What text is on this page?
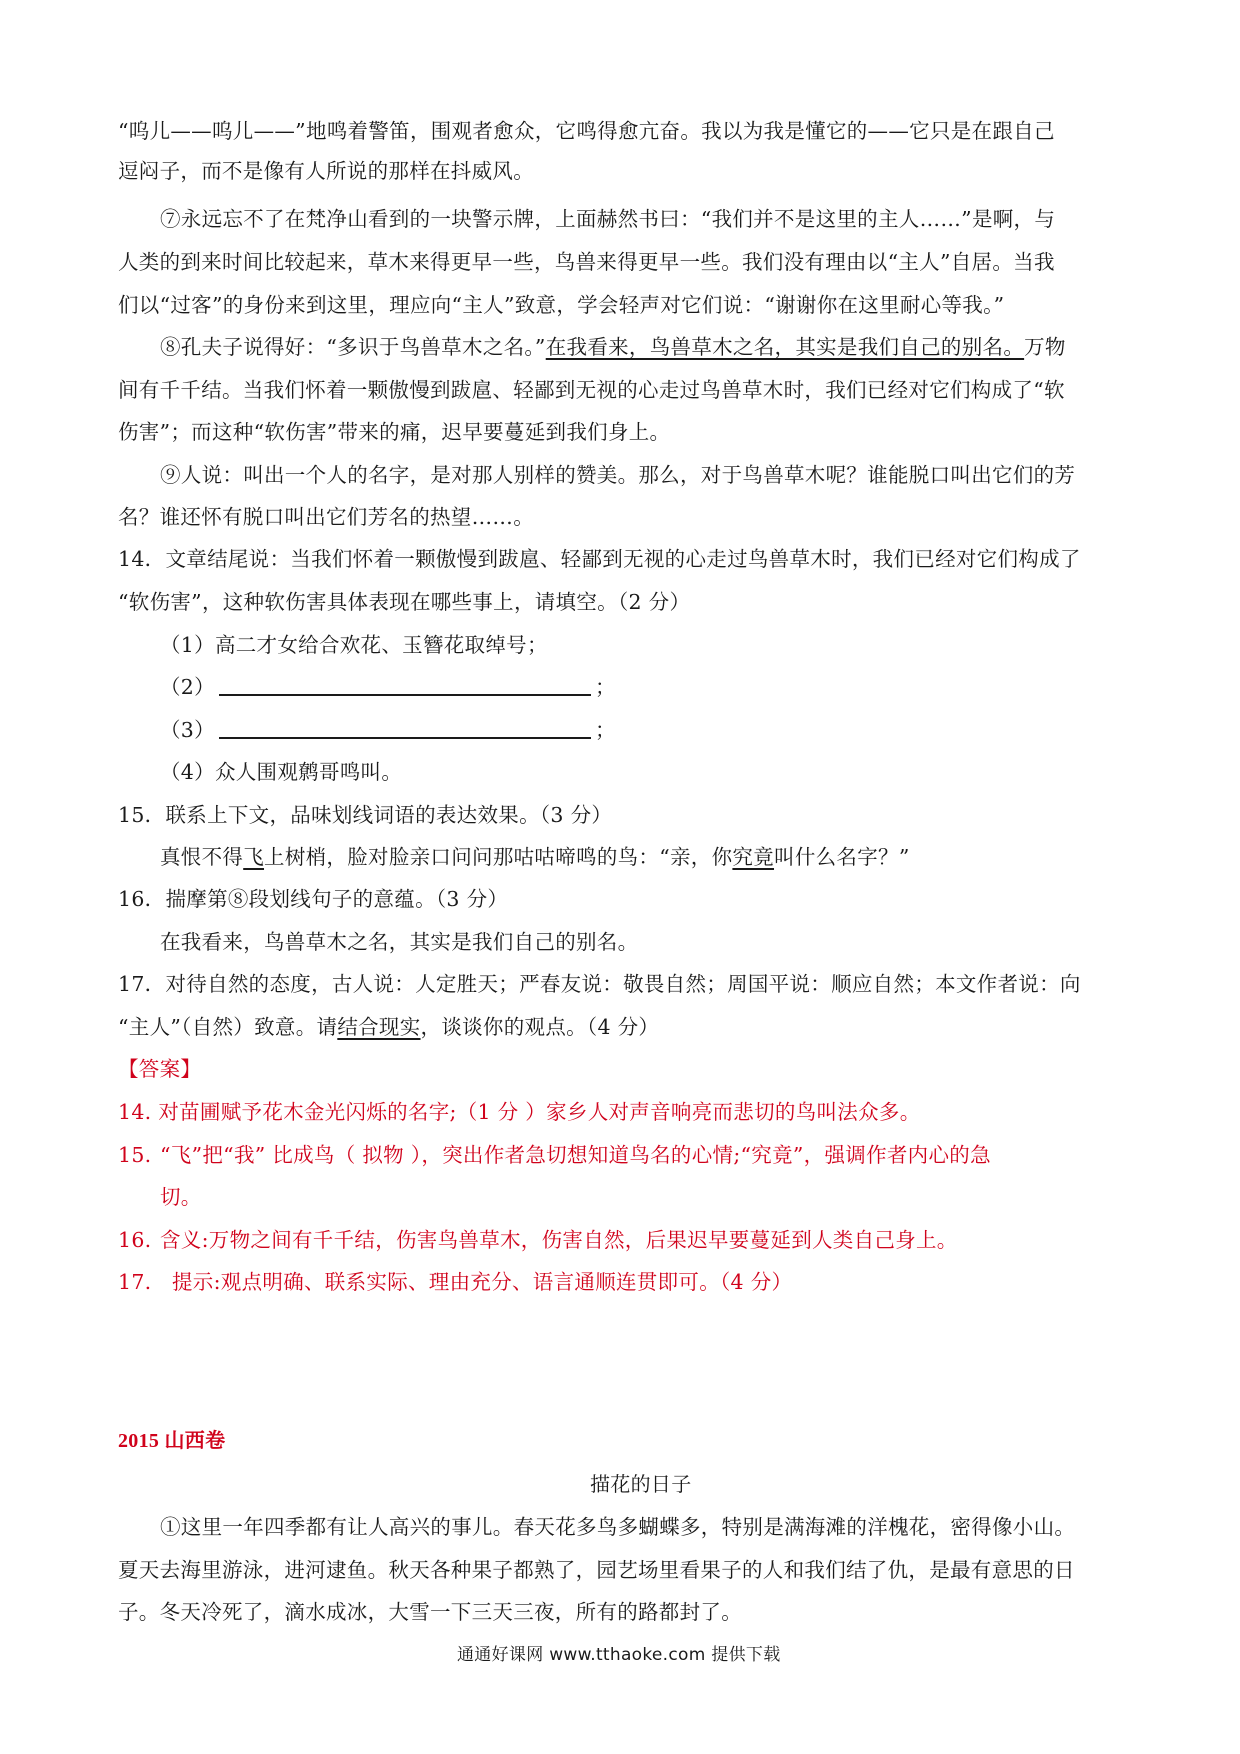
“呜儿——呜儿——”地鸣着警笛，围观者愈众，它鸣得愈亢奋。我以为我是懂它的——它只是在跟自己
逗闷子，而不是像有人所说的那样在抖威风。
⑦永远忘不了在梵净山看到的一块警示牌，上面赫然书曰：“我们并不是这里的主人……”是啊，与
人类的到来时间比较起来，草木来得更早一些，鸟兽来得更早一些。我们没有理由以“主人”自居。当我
们以“过客”的身份来到这里，理应向“主人”致意，学会轻声对它们说：“谢谢你在这里耐心等我。”
⑧孔夫子说得好：“多识于鸟兽草木之名。”在我看来，鸟兽草木之名，其实是我们自己的别名。万物
间有千千结。当我们怀着一颗傲慢到跋扈、轻鄙到无视的心走过鸟兽草木时，我们已经对它们构成了“软
伤害”；而这种“软伤害”带来的痛，迟早要蔓延到我们身上。
⑨人说：叫出一个人的名字，是对那人别样的赞美。那么，对于鸟兽草木呢？谁能脱口叫出它们的芳
名？谁还怀有脱口叫出它们芳名的热望……。
14．文章结尾说：当我们怀着一颗傲慢到跋扈、轻鄙到无视的心走过鸟兽草木时，我们已经对它们构成了
“软伤害”，这种软伤害具体表现在哪些事上，请填空。（2 分）
（1）高二才女给合欢花、玉簪花取绰号；
（2）	；
（3）	；
（4）众人围观鹩哥鸣叫。
15．联系上下文，品味划线词语的表达效果。（3 分）
真恨不得飞上树梢，脸对脸亲口问问那咕咕啼鸣的鸟：“亲，你究竟叫什么名字？”
16．揣摩第⑧段划线句子的意蕴。（3 分）
在我看来，鸟兽草木之名，其实是我们自己的别名。
17．对待自然的态度，古人说：人定胜天；严春友说：敬畏自然；周国平说：顺应自然；本文作者说：向
“主人”（自然）致意。请结合现实，谈谈你的观点。（4 分）
【答案】
14. 对苗圃赋予花木金光闪烁的名字;（1 分 ）家乡人对声音响亮而悲切的鸟叫法众多。
15. “飞”把“我” 比成鸟（ 拟物 ），突出作者急切想知道鸟名的心情;“究竟”，强调作者内心的急
切。
16. 含义:万物之间有千千结，伤害鸟兽草木，伤害自然，后果迟早要蔓延到人类自己身上。
17. 提示:观点明确、联系实际、理由充分、语言通顺连贯即可。（4 分）
2015 山西卷
描花的日子
①这里一年四季都有让人高兴的事儿。春天花多鸟多蝴蝶多，特别是满海滩的洋槐花，密得像小山。
夏天去海里游泳，进河逮鱼。秋天各种果子都熟了，园艺场里看果子的人和我们结了仇，是最有意思的日
子。冬天冷死了，滴水成冰，大雪一下三天三夜，所有的路都封了。
通通好课网 www.tthaoke.com 提供下载
